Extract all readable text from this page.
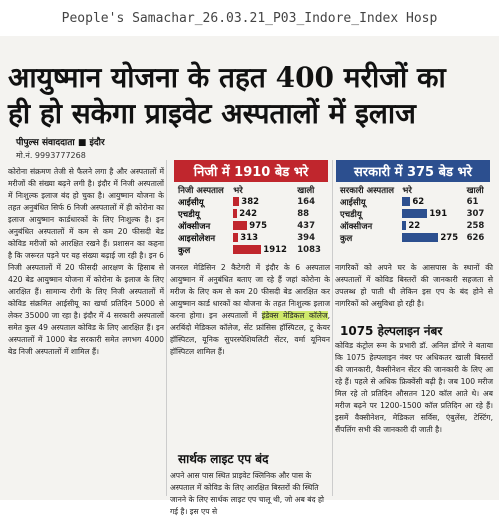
People's Samachar_26.03.21_P03_Indore_Index Hosp
आयुष्मान योजना के तहत 400 मरीजों का
ही हो सकेगा प्राइवेट अस्पतालों में इलाज
पीपुल्स संवाददाता ■ इंदौर
मो.नं. 9993777268
कोरोना संक्रमण तेजी से फैलने लगा है और अस्पतालों में मरीजों की संख्या बढ़ने लगी है। इंदौर में निजी अस्पतालों में निःशुल्क इलाज बंद हो चुका है। आयुष्मान योजना के तहत अनुबंधित सिर्फ 6 निजी अस्पतालों में ही कोरोना का इलाज आयुष्मान कार्डधारकों के लिए निःशुल्क है। इन अनुबंधित अस्पतालों में कम से कम 20 फीसदी बेड कोविड मरीजों को आरक्षित रखने हैं। प्रशासन का कहना है कि जरूरत पड़ने पर यह संख्या बढ़ाई जा रही है। इन 6 निजी अस्पतालों में 20 फीसदी आरक्षण के हिसाब से 420 बेड आयुष्मान योजना में कोरोना के इलाज के लिए आरक्षित हैं। सामान्य रोगी के लिए निजी अस्पतालों में कोविड संक्रमित आईसीयू का खर्चा प्रतिदिन 5000 से लेकर 35000 जा रहा है। इंदौर में 4 सरकारी अस्पतालों समेत कुल 49 अस्पताल कोविड के लिए आरक्षित हैं। इन अस्पतालों में 1000 बेड सरकारी समेत लगभग 4000 बेड निजी अस्पतालों में शामिल हैं।
निजी में 1910 बेड भरे
निजी अस्पताल	भरे	खाली
आईसीयू	382	164
एचडीयू	242	88
ऑक्सीजन	975	437
आइसोलेशन	313	394
कुल	1912	1083
सरकारी में 375 बेड भरे
सरकारी अस्पताल	भरे	खाली
आईसीयू	62	61
एचडीयू	191	307
ऑक्सीजन	22	258
कुल	275	626
जनरल मेडिसिन 2 कैटेगरी में इंदौर के 6 अस्पताल आयुष्मान में अनुबंधित बताए जा रहे हैं जहां कोरोना के मरीज के लिए कम से कम 20 फीसदी बेड आरक्षित कर आयुष्मान कार्ड धारकों का योजना के तहत निःशुल्क इलाज करना होगा। इन अस्पतालों में इंडेक्स मेडिकल कॉलेज, अरबिंदो मेडिकल कॉलेज, सेंट फ्रांसिस हॉस्पिटल, टू केयर हॉस्पिटल, यूनिक सुपरस्पेशियलिटी सेंटर, वर्मा यूनियन हॉस्पिटल शामिल हैं।
सार्थक लाइट एप बंद
अपने आस पास स्थित प्राइवेट क्लिनिक और पास के अस्पताल में कोविड के लिए आरक्षित बिस्तरों की स्थिति जानने के लिए सार्थक लाइट एप चालू थी, जो अब बंद हो गई है। इस एप से
नागरिकों को अपने घर के आसपास के स्थानों की अस्पतालों में कोविड बिस्तरों की जानकारी सहजता से उपलब्ध हो पाती थी लेकिन इस एप के बंद होने से नागरिकों को असुविधा हो रही है।
1075 हेल्पलाइन नंबर
कोविड कंट्रोल रूम के प्रभारी डॉ. अनिल डोंगरे ने बताया कि 1075 हेल्पलाइन नंबर पर अधिकतर खाली बिस्तरों की जानकारी, वैक्सीनेशन सेंटर की जानकारी के लिए आ रहे हैं। पहले से अधिक फ्रिक्वेंसी बढ़ी है। जब 100 मरीज मिल रहे तो प्रतिदिन औसतन 120 कॉल आते थे। अब मरीज बढ़ने पर 1200-1500 कॉल प्रतिदिन आ रहे हैं। इसमें वैक्सीनेशन, मेडिकल सर्विस, एंबुलेंस, टेस्टिंग, सैंपलिंग सभी की जानकारी दी जाती है।
